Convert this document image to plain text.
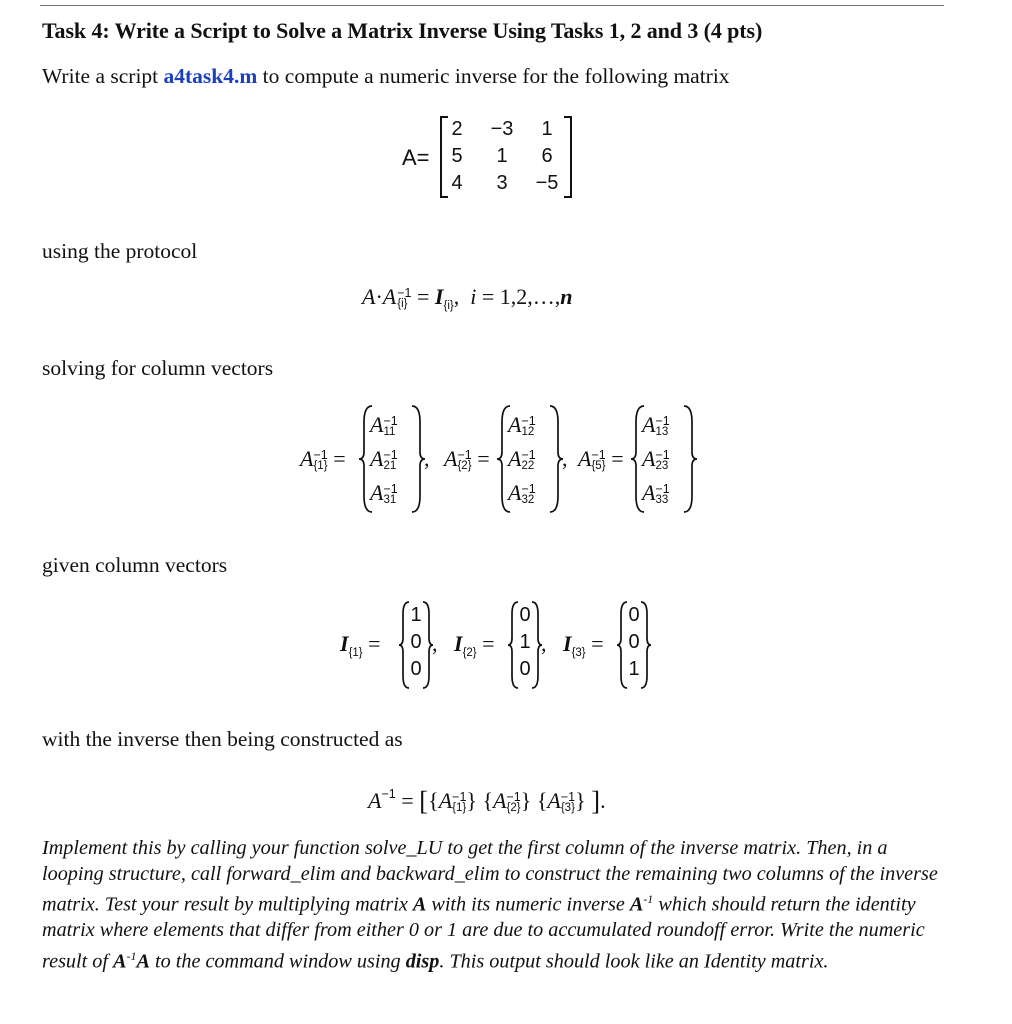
Task 4: Write a Script to Solve a Matrix Inverse Using Tasks 1, 2 and 3 (4 pts)
Write a script a4task4.m to compute a numeric inverse for the following matrix
A=
2	−3	1
5	1	6
4	3	−5
using the protocol
A·A −1
$\{i\} = I_{\{i\}}$, i = 1,2,…,n
solving for column vectors
A −1
{1} =
A −1
11
A −1
21
A −1
31
, A −1
{2} =
A −1
12
A −1
22
A −1
32
, A −1
{5} =
A −1
13
A −1
23
A −1
33
given column vectors
$I_{\{1\}}$ =
1
0
0
, $I_{\{2\}}$ =
0
1
0
, $I_{\{3\}}$ =
0
0
1
with the inverse then being constructed as
$A^{-1} = [\{A -1$
{1} } {A −1
{2} } {A −1
{3} } ].
Implement this by calling your function solve_LU to get the first column of the inverse matrix. Then, in a looping structure, call forward_elim and backward_elim to construct the remaining two columns of the inverse matrix. Test your result by multiplying matrix A with its numeric inverse $A^{-1}$ which should return the identity matrix where elements that differ from either 0 or 1 are due to accumulated roundoff error. Write the numeric result of $A^{-1}A$ to the command window using disp. This output should look like an Identity matrix.
